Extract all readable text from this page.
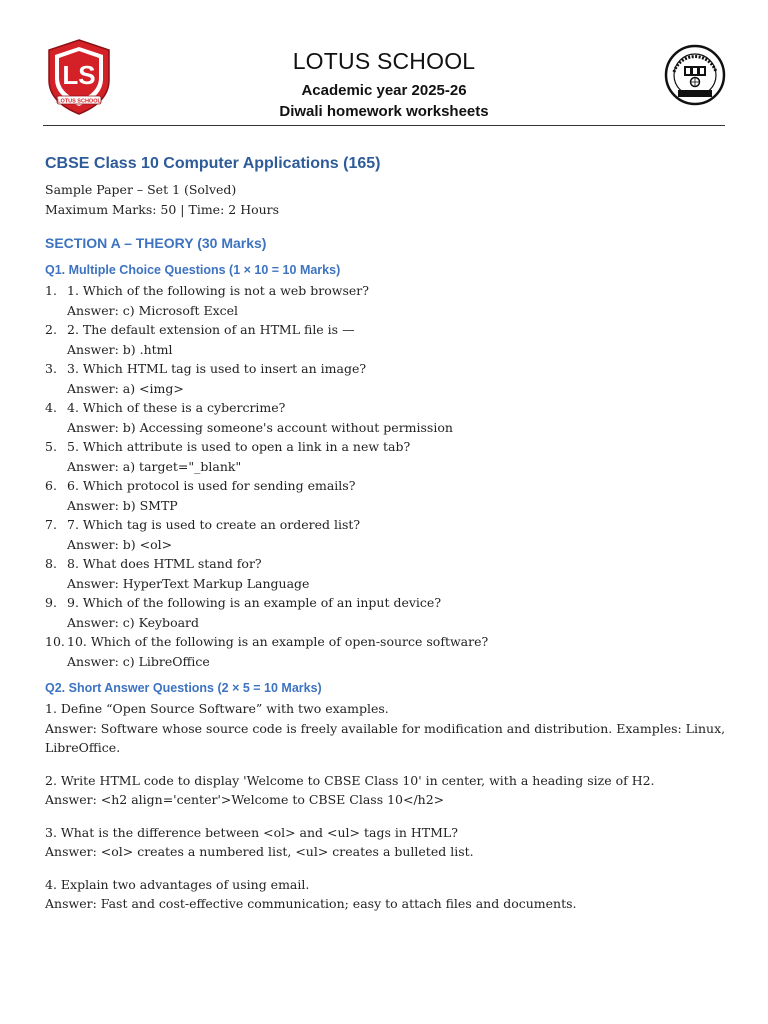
LS
LOTUS SCHOOL
LOTUS SCHOOL
Academic year 2025-26
Diwali homework worksheets

CBSE Class 10 Computer Applications (165)

Sample Paper – Set 1 (Solved)

Maximum Marks: 50 | Time: 2 Hours

SECTION A – THEORY (30 Marks)

Q1. Multiple Choice Questions (1 × 10 = 10 Marks)

1. 1. Which of the following is not a web browser?
Answer: c) Microsoft Excel
2. 2. The default extension of an HTML file is —
Answer: b) .html
3. 3. Which HTML tag is used to insert an image?
Answer: a) <img>
4. 4. Which of these is a cybercrime?
Answer: b) Accessing someone's account without permission
5. 5. Which attribute is used to open a link in a new tab?
Answer: a) target="_blank"
6. 6. Which protocol is used for sending emails?
Answer: b) SMTP
7. 7. Which tag is used to create an ordered list?
Answer: b) <ol>
8. 8. What does HTML stand for?
Answer: HyperText Markup Language
9. 9. Which of the following is an example of an input device?
Answer: c) Keyboard
10. 10. Which of the following is an example of open-source software?
Answer: c) LibreOffice

Q2. Short Answer Questions (2 × 5 = 10 Marks)

1. Define “Open Source Software” with two examples.

Answer: Software whose source code is freely available for modification and distribution. Examples: Linux, LibreOffice.

2. Write HTML code to display 'Welcome to CBSE Class 10' in center, with a heading size of H2.

Answer: <h2 align='center'>Welcome to CBSE Class 10</h2>

3. What is the difference between <ol> and <ul> tags in HTML?

Answer: <ol> creates a numbered list, <ul> creates a bulleted list.

4. Explain two advantages of using email.

Answer: Fast and cost-effective communication; easy to attach files and documents.
